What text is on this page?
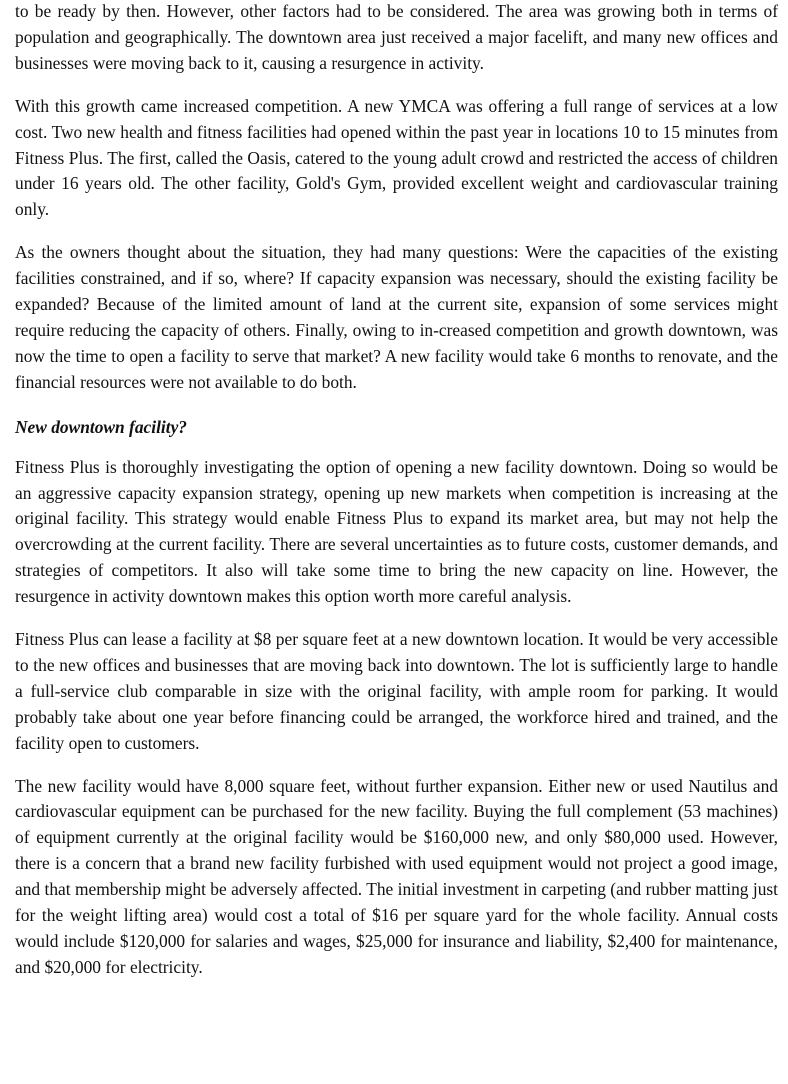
to be ready by then. However, other factors had to be considered. The area was growing both in terms of population and geographically. The downtown area just received a major facelift, and many new offices and businesses were moving back to it, causing a resurgence in activity.

With this growth came increased competition. A new YMCA was offering a full range of services at a low cost. Two new health and fitness facilities had opened within the past year in locations 10 to 15 minutes from Fitness Plus. The first, called the Oasis, catered to the young adult crowd and restricted the access of children under 16 years old. The other facility, Gold's Gym, provided excellent weight and cardiovascular training only.

As the owners thought about the situation, they had many questions: Were the capacities of the existing facilities constrained, and if so, where? If capacity expansion was necessary, should the existing facility be expanded? Because of the limited amount of land at the current site, expansion of some services might require reducing the capacity of others. Finally, owing to in-creased competition and growth downtown, was now the time to open a facility to serve that market? A new facility would take 6 months to renovate, and the financial resources were not available to do both.

New downtown facility?

Fitness Plus is thoroughly investigating the option of opening a new facility downtown. Doing so would be an aggressive capacity expansion strategy, opening up new markets when competition is increasing at the original facility. This strategy would enable Fitness Plus to expand its market area, but may not help the overcrowding at the current facility. There are several uncertainties as to future costs, customer demands, and strategies of competitors. It also will take some time to bring the new capacity on line. However, the resurgence in activity downtown makes this option worth more careful analysis.

Fitness Plus can lease a facility at $8 per square feet at a new downtown location. It would be very accessible to the new offices and businesses that are moving back into downtown. The lot is sufficiently large to handle a full-service club comparable in size with the original facility, with ample room for parking. It would probably take about one year before financing could be arranged, the workforce hired and trained, and the facility open to customers.

The new facility would have 8,000 square feet, without further expansion. Either new or used Nautilus and cardiovascular equipment can be purchased for the new facility. Buying the full complement (53 machines) of equipment currently at the original facility would be $160,000 new, and only $80,000 used. However, there is a concern that a brand new facility furbished with used equipment would not project a good image, and that membership might be adversely affected. The initial investment in carpeting (and rubber matting just for the weight lifting area) would cost a total of $16 per square yard for the whole facility. Annual costs would include $120,000 for salaries and wages, $25,000 for insurance and liability, $2,400 for maintenance, and $20,000 for electricity.
